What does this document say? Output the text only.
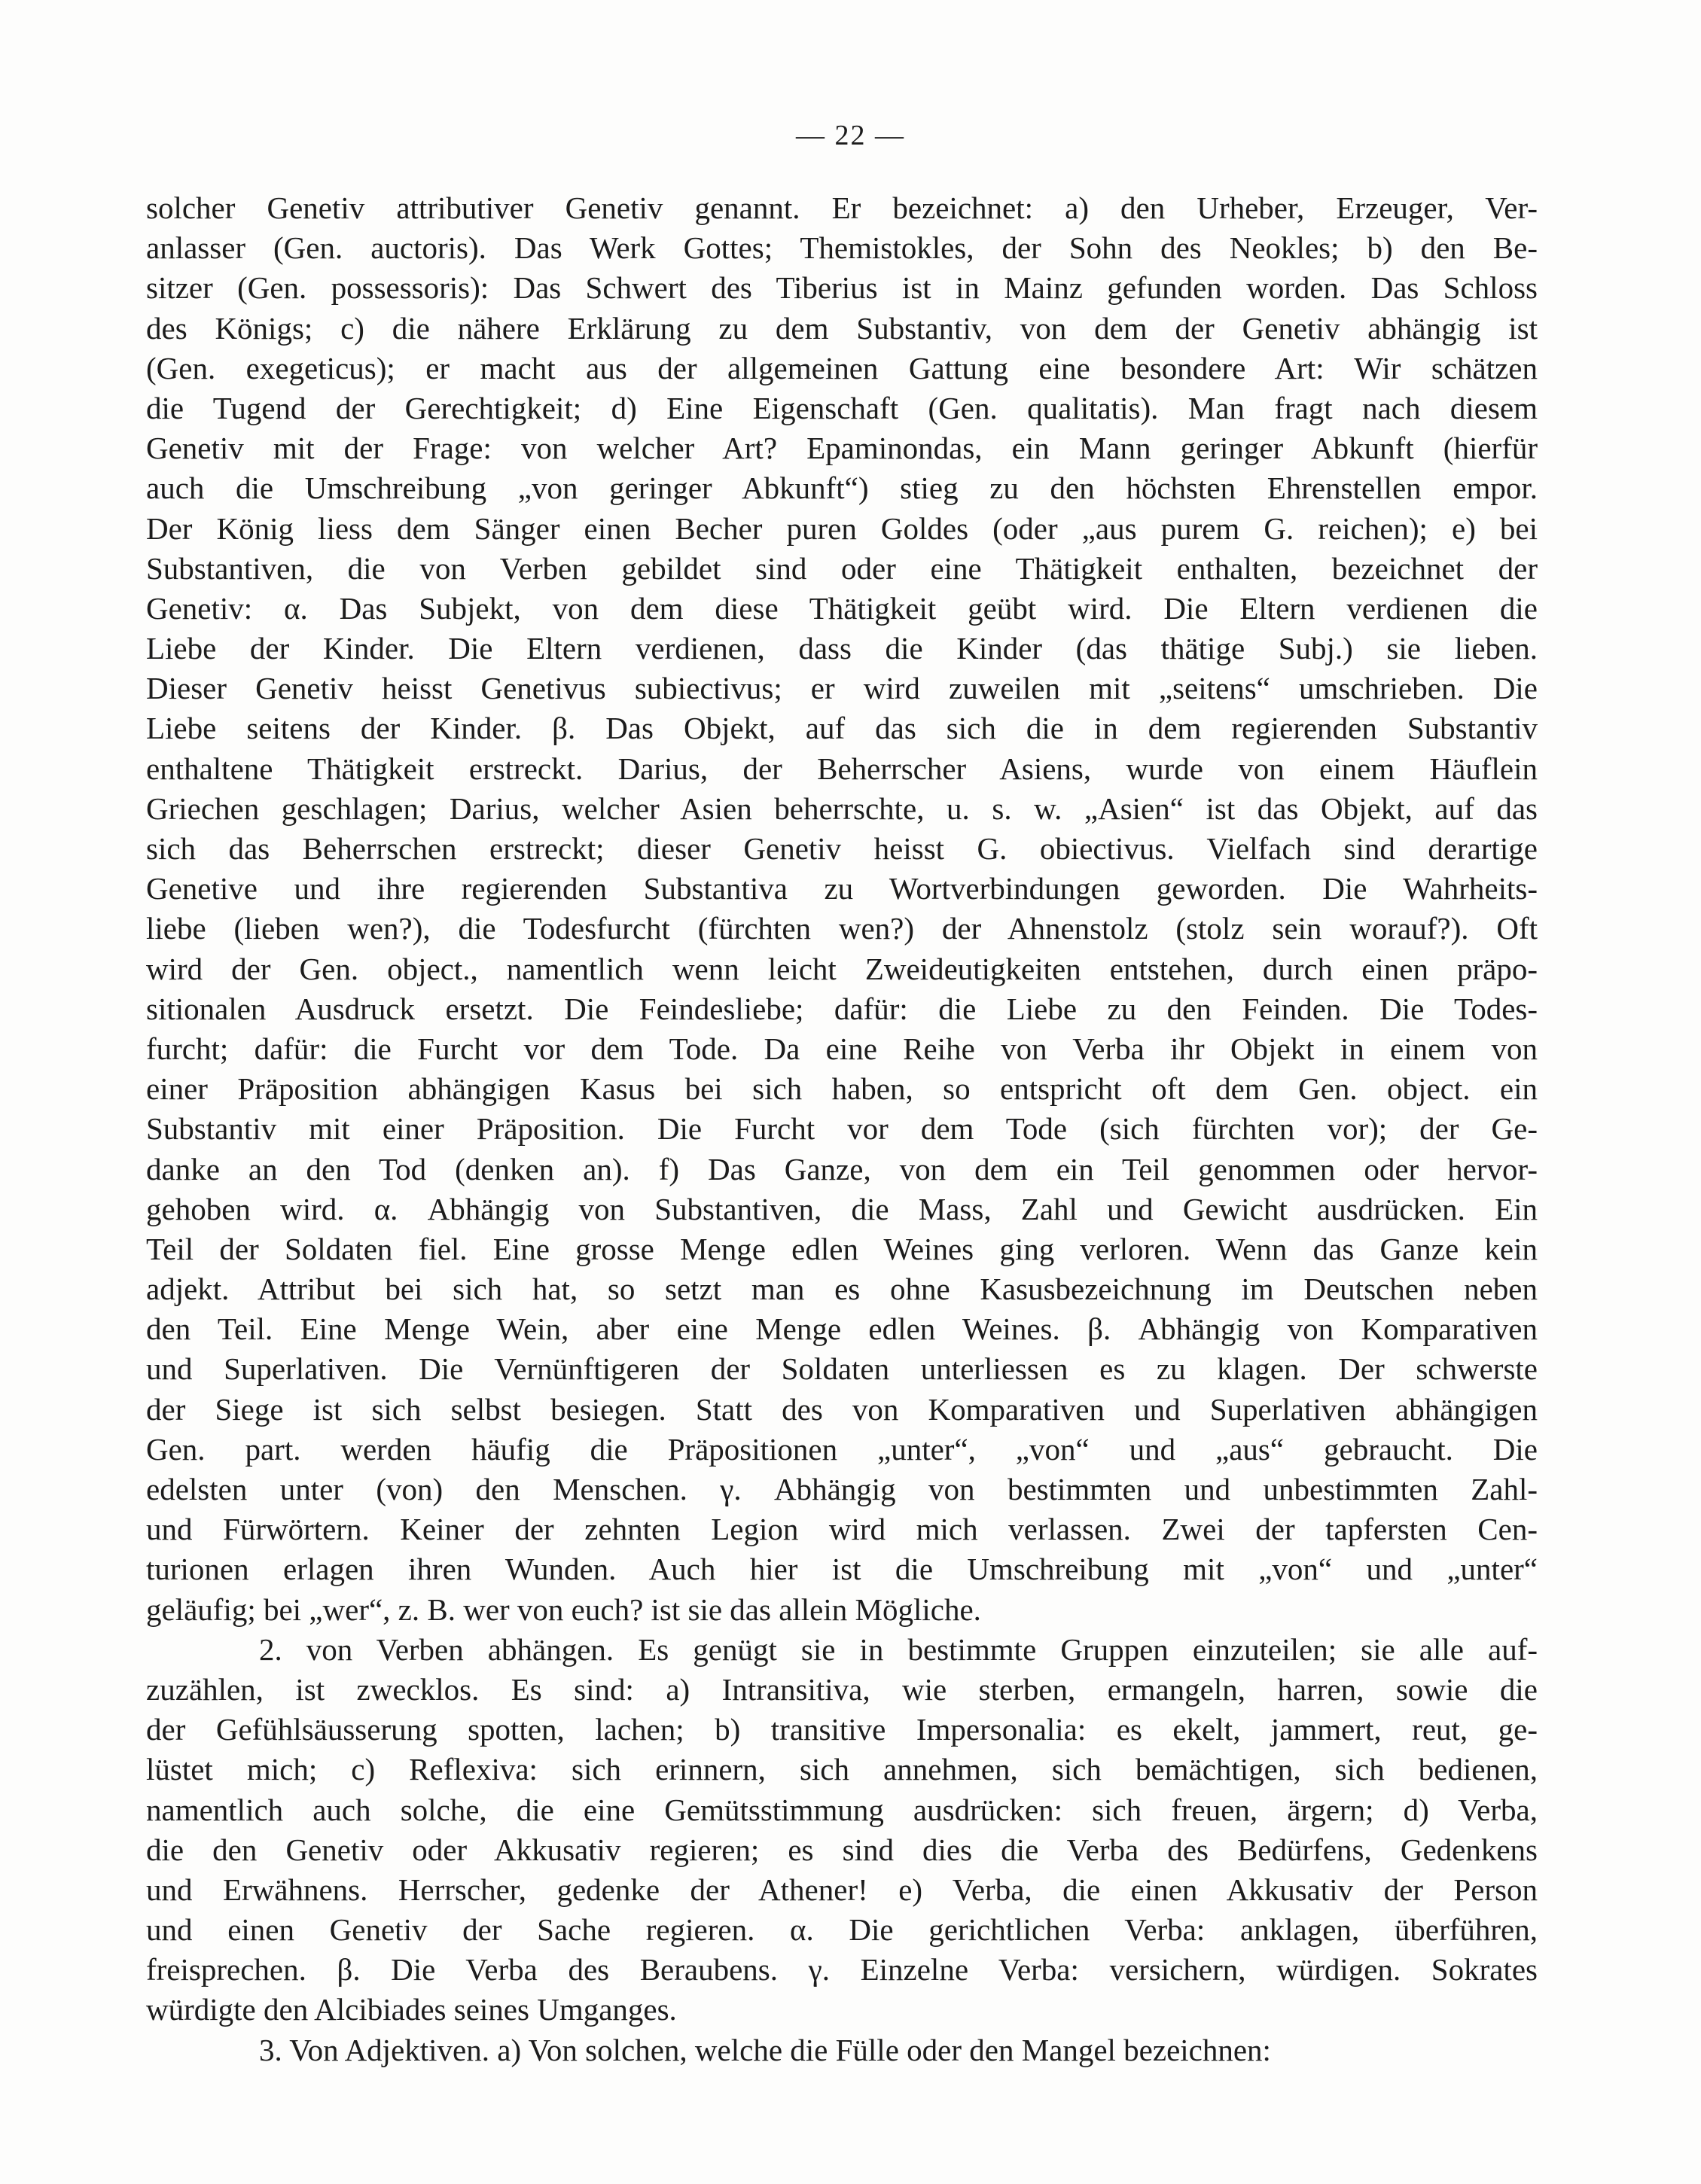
— 22 —
solcher Genetiv attributiver Genetiv genannt. Er bezeichnet: a) den Urheber, Erzeuger, Ver-
anlasser (Gen. auctoris). Das Werk Gottes; Themistokles, der Sohn des Neokles; b) den Be-
sitzer (Gen. possessoris): Das Schwert des Tiberius ist in Mainz gefunden worden. Das Schloss
des Königs; c) die nähere Erklärung zu dem Substantiv, von dem der Genetiv abhängig ist
(Gen. exegeticus); er macht aus der allgemeinen Gattung eine besondere Art: Wir schätzen
die Tugend der Gerechtigkeit; d) Eine Eigenschaft (Gen. qualitatis). Man fragt nach diesem
Genetiv mit der Frage: von welcher Art? Epaminondas, ein Mann geringer Abkunft (hierfür
auch die Umschreibung „von geringer Abkunft“) stieg zu den höchsten Ehrenstellen empor.
Der König liess dem Sänger einen Becher puren Goldes (oder „aus purem G. reichen); e) bei
Substantiven, die von Verben gebildet sind oder eine Thätigkeit enthalten, bezeichnet der
Genetiv: α. Das Subjekt, von dem diese Thätigkeit geübt wird. Die Eltern verdienen die
Liebe der Kinder. Die Eltern verdienen, dass die Kinder (das thätige Subj.) sie lieben.
Dieser Genetiv heisst Genetivus subiectivus; er wird zuweilen mit „seitens“ umschrieben. Die
Liebe seitens der Kinder. β. Das Objekt, auf das sich die in dem regierenden Substantiv
enthaltene Thätigkeit erstreckt. Darius, der Beherrscher Asiens, wurde von einem Häuflein
Griechen geschlagen; Darius, welcher Asien beherrschte, u. s. w. „Asien“ ist das Objekt, auf das
sich das Beherrschen erstreckt; dieser Genetiv heisst G. obiectivus. Vielfach sind derartige
Genetive und ihre regierenden Substantiva zu Wortverbindungen geworden. Die Wahrheits-
liebe (lieben wen?), die Todesfurcht (fürchten wen?) der Ahnenstolz (stolz sein worauf?). Oft
wird der Gen. object., namentlich wenn leicht Zweideutigkeiten entstehen, durch einen präpo-
sitionalen Ausdruck ersetzt. Die Feindesliebe; dafür: die Liebe zu den Feinden. Die Todes-
furcht; dafür: die Furcht vor dem Tode. Da eine Reihe von Verba ihr Objekt in einem von
einer Präposition abhängigen Kasus bei sich haben, so entspricht oft dem Gen. object. ein
Substantiv mit einer Präposition. Die Furcht vor dem Tode (sich fürchten vor); der Ge-
danke an den Tod (denken an). f) Das Ganze, von dem ein Teil genommen oder hervor-
gehoben wird. α. Abhängig von Substantiven, die Mass, Zahl und Gewicht ausdrücken. Ein
Teil der Soldaten fiel. Eine grosse Menge edlen Weines ging verloren. Wenn das Ganze kein
adjekt. Attribut bei sich hat, so setzt man es ohne Kasusbezeichnung im Deutschen neben
den Teil. Eine Menge Wein, aber eine Menge edlen Weines. β. Abhängig von Komparativen
und Superlativen. Die Vernünftigeren der Soldaten unterliessen es zu klagen. Der schwerste
der Siege ist sich selbst besiegen. Statt des von Komparativen und Superlativen abhängigen
Gen. part. werden häufig die Präpositionen „unter“, „von“ und „aus“ gebraucht. Die
edelsten unter (von) den Menschen. γ. Abhängig von bestimmten und unbestimmten Zahl-
und Fürwörtern. Keiner der zehnten Legion wird mich verlassen. Zwei der tapfersten Cen-
turionen erlagen ihren Wunden. Auch hier ist die Umschreibung mit „von“ und „unter“
geläufig; bei „wer“, z. B. wer von euch? ist sie das allein Mögliche.
2. von Verben abhängen. Es genügt sie in bestimmte Gruppen einzuteilen; sie alle auf-
zuzählen, ist zwecklos. Es sind: a) Intransitiva, wie sterben, ermangeln, harren, sowie die
der Gefühlsäusserung spotten, lachen; b) transitive Impersonalia: es ekelt, jammert, reut, ge-
lüstet mich; c) Reflexiva: sich erinnern, sich annehmen, sich bemächtigen, sich bedienen,
namentlich auch solche, die eine Gemütsstimmung ausdrücken: sich freuen, ärgern; d) Verba,
die den Genetiv oder Akkusativ regieren; es sind dies die Verba des Bedürfens, Gedenkens
und Erwähnens. Herrscher, gedenke der Athener! e) Verba, die einen Akkusativ der Person
und einen Genetiv der Sache regieren. α. Die gerichtlichen Verba: anklagen, überführen,
freisprechen. β. Die Verba des Beraubens. γ. Einzelne Verba: versichern, würdigen. Sokrates
würdigte den Alcibiades seines Umganges.
3. Von Adjektiven. a) Von solchen, welche die Fülle oder den Mangel bezeichnen:
